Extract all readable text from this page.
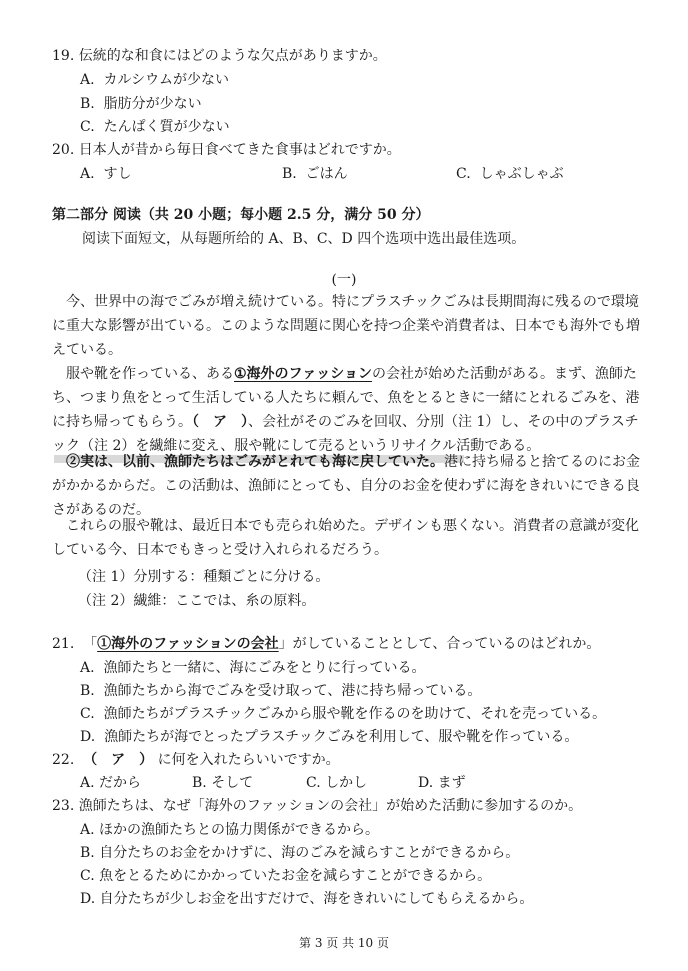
19. 伝統的な和食にはどのような欠点がありますか。
A. カルシウムが少ない
B. 脂肪分が少ない
C. たんぱく質が少ない
20. 日本人が昔から毎日食べてきた食事はどれですか。
A. すし	B. ごはん	C. しゃぶしゃぶ
第二部分 阅读（共 20 小题；每小题 2.5 分，满分 50 分）
阅读下面短文，从每题所给的 A、B、C、D 四个选项中选出最佳选项。
(一)
今、世界中の海でごみが増え続けている。特にプラスチックごみは長期間海に残るので環境に重大な影響が出ている。このような問題に関心を持つ企業や消費者は、日本でも海外でも増えている。
服や靴を作っている、ある①海外のファッションの会社が始めた活動がある。まず、漁師たち、つまり魚をとって生活している人たちに頼んで、魚をとるときに一緒にとれるごみを、港に持ち帰ってもらう。（　ア　）、会社がそのごみを回収、分別（注 1）し、その中のプラスチック（注 2）を繊維に変え、服や靴にして売るというリサイクル活動である。
②実は、以前、漁師たちはごみがとれても海に戻していた。港に持ち帰ると捨てるのにお金がかかるからだ。この活動は、漁師にとっても、自分のお金を使わずに海をきれいにできる良さがあるのだ。
これらの服や靴は、最近日本でも売られ始めた。デザインも悪くない。消費者の意識が変化している今、日本でもきっと受け入れられるだろう。
（注 1）分別する：種類ごとに分ける。
（注 2）繊維：ここでは、糸の原料。
21. 「①海外のファッションの会社」がしていることとして、合っているのはどれか。
A. 漁師たちと一緒に、海にごみをとりに行っている。
B. 漁師たちから海でごみを受け取って、港に持ち帰っている。
C. 漁師たちがプラスチックごみから服や靴を作るのを助けて、それを売っている。
D. 漁師たちが海でとったプラスチックごみを利用して、服や靴を作っている。
22. （　ア　） に何を入れたらいいですか。
A. だから	B. そして	C. しかし	D. まず
23. 漁師たちは、なぜ「海外のファッションの会社」が始めた活動に参加するのか。
A. ほかの漁師たちとの協力関係ができるから。
B. 自分たちのお金をかけずに、海のごみを減らすことができるから。
C. 魚をとるためにかかっていたお金を減らすことができるから。
D. 自分たちが少しお金を出すだけで、海をきれいにしてもらえるから。
第 3 页 共 10 页
